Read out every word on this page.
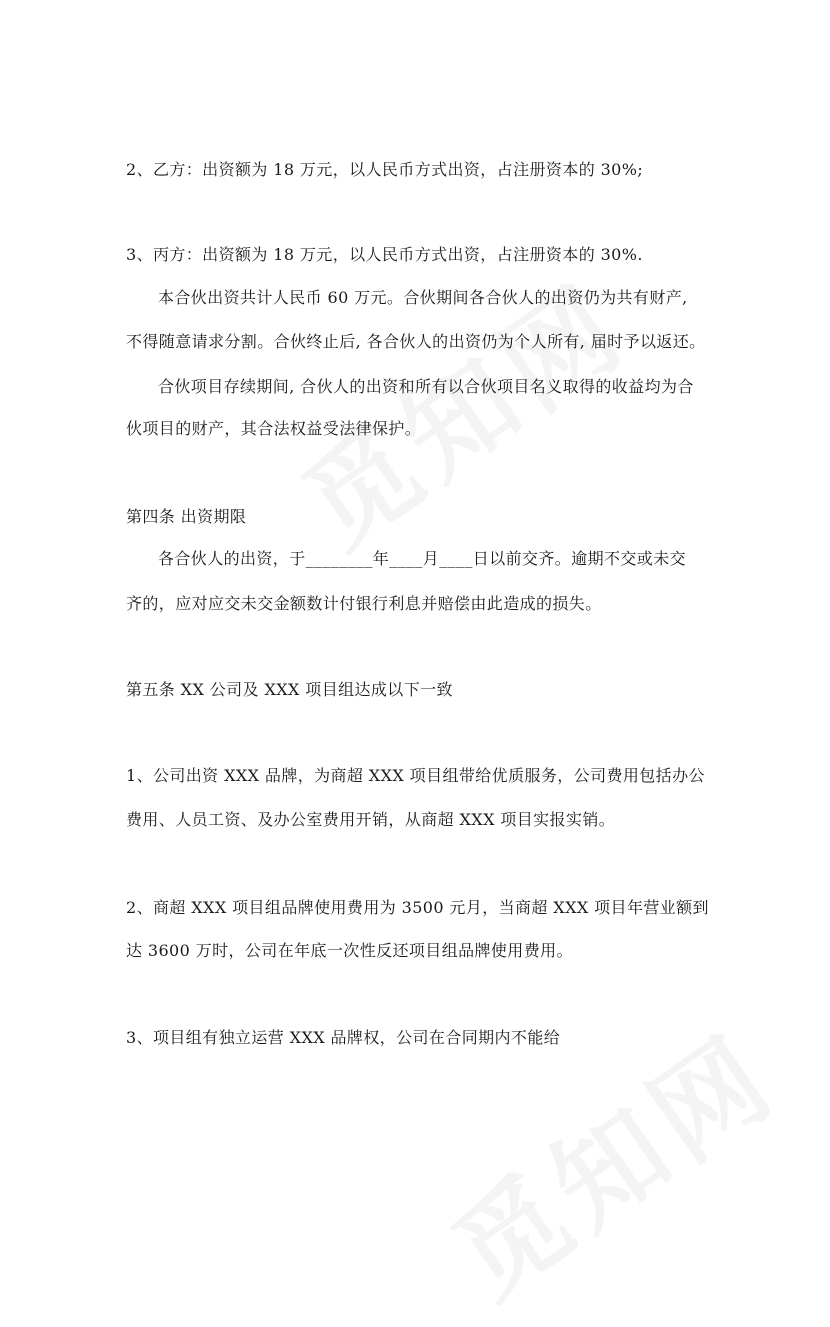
2、乙方：出资额为 18 万元，以人民币方式出资，占注册资本的 30%;
3、丙方：出资额为 18 万元，以人民币方式出资，占注册资本的 30%.
本合伙出资共计人民币 60 万元。合伙期间各合伙人的出资仍为共有财产,
不得随意请求分割。合伙终止后, 各合伙人的出资仍为个人所有, 届时予以返还。
合伙项目存续期间, 合伙人的出资和所有以合伙项目名义取得的收益均为合
伙项目的财产，其合法权益受法律保护。
第四条 出资期限
各合伙人的出资，于________年____月____日以前交齐。逾期不交或未交
齐的，应对应交未交金额数计付银行利息并赔偿由此造成的损失。
第五条 XX 公司及 XXX 项目组达成以下一致
1、公司出资 XXX 品牌，为商超 XXX 项目组带给优质服务，公司费用包括办公
费用、人员工资、及办公室费用开销，从商超 XXX 项目实报实销。
2、商超 XXX 项目组品牌使用费用为 3500 元月，当商超 XXX 项目年营业额到
达 3600 万时，公司在年底一次性反还项目组品牌使用费用。
3、项目组有独立运营 XXX 品牌权，公司在合同期内不能给
